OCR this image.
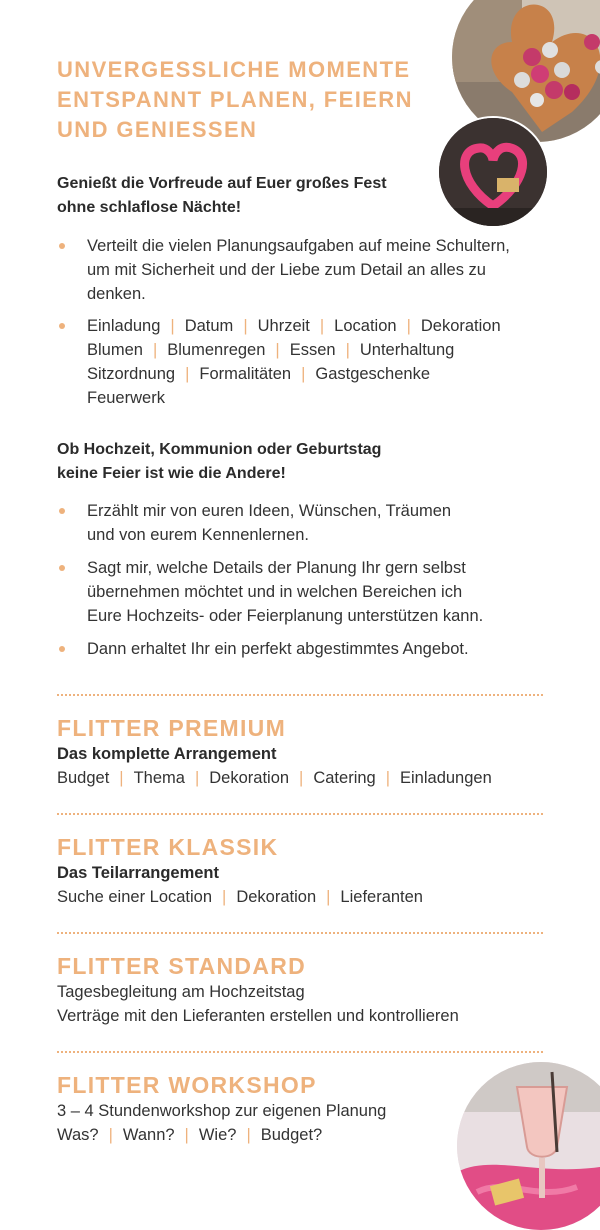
UNVERGESSLICHE MOMENTE
ENTSPANNT PLANEN, FEIERN
UND GENIESSEN
Genießt die Vorfreude auf Euer großes Fest
ohne schlaflose Nächte!
Verteilt die vielen Planungsaufgaben auf meine Schultern,
um mit Sicherheit und der Liebe zum Detail an alles zu
denken.
Einladung | Datum | Uhrzeit | Location | Dekoration
Blumen | Blumenregen | Essen | Unterhaltung
Sitzordnung | Formalitäten | Gastgeschenke
Feuerwerk
Ob Hochzeit, Kommunion oder Geburtstag
keine Feier ist wie die Andere!
Erzählt mir von euren Ideen, Wünschen, Träumen
und von eurem Kennenlernen.
Sagt mir, welche Details der Planung Ihr gern selbst
übernehmen möchtet und in welchen Bereichen ich
Eure Hochzeits- oder Feierplanung unterstützen kann.
Dann erhaltet Ihr ein perfekt abgestimmtes Angebot.
FLITTER PREMIUM
Das komplette Arrangement
Budget | Thema | Dekoration | Catering | Einladungen
FLITTER KLASSIK
Das Teilarrangement
Suche einer Location | Dekoration | Lieferanten
FLITTER STANDARD
Tagesbegleitung am Hochzeitstag
Verträge mit den Lieferanten erstellen und kontrollieren
FLITTER WORKSHOP
3 – 4 Stundenworkshop zur eigenen Planung
Was? | Wann? | Wie? | Budget?
